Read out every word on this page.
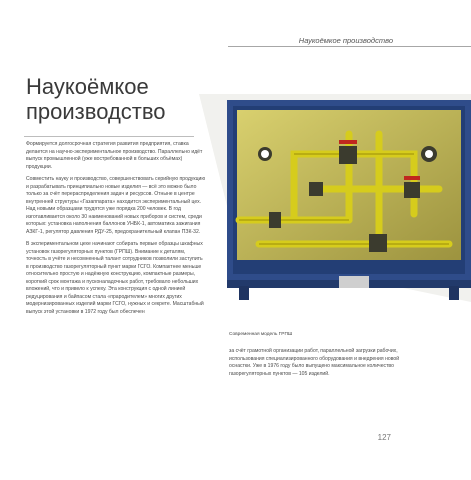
Наукоёмкое производство
Наукоёмкое производство

Формируется долгосрочная стратегия развития предприятия, ставка делается на научно-экспериментальное производство. Параллельно идёт выпуск промышленной (уже востребованной в больших объёмах) продукции.

Совместить науку и производство, совершенствовать серийную продукцию и разрабатывать принципиально новые изделия — всё это можно было только за счёт перераспределения задач и ресурсов. Отныне в центре внутренней структуры «Газаппарата» находится экспериментальный цех. Над новыми образцами трудятся уже порядка 200 человек. В год изготавливается около 30 наименований новых приборов и систем, среди которых: установка наполнения баллонов УНБК-1, автоматика зажигания АЗКГ-1, регулятор давления РДУ-25, предохранительный клапан ПЗК-32.

В экспериментальном цехе начинают собирать первые образцы шкафных установок газорегуляторных пунктов (ГРПШ). Внимание к деталям, точность в учёте и несомненный талант сотрудников позволили заступить в производство газорегуляторный пункт марки ГСГО. Компактнее меньше относительно простую и надёжную конструкцию, компактные размеры, короткий срок монтажа и пусконаладочных работ, требовало небольших вложений, что и привело к успеху. Эта конструкция с одной линией редуцирования и байпасом стала «прародителем» многих других модернизированных изделий марки ГСГО, нужных и секрете. Масштабный выпуск этой установки в 1972 году был обеспечен

Современная модель ГРПШ

за счёт грамотной организации работ, параллельной загрузки рабочих, использования специализированного оборудования и внедрения новой оснастки. Уже в 1976 году было выпущено максимальное количество газорегуляторных пунктов — 105 изделий.

127
